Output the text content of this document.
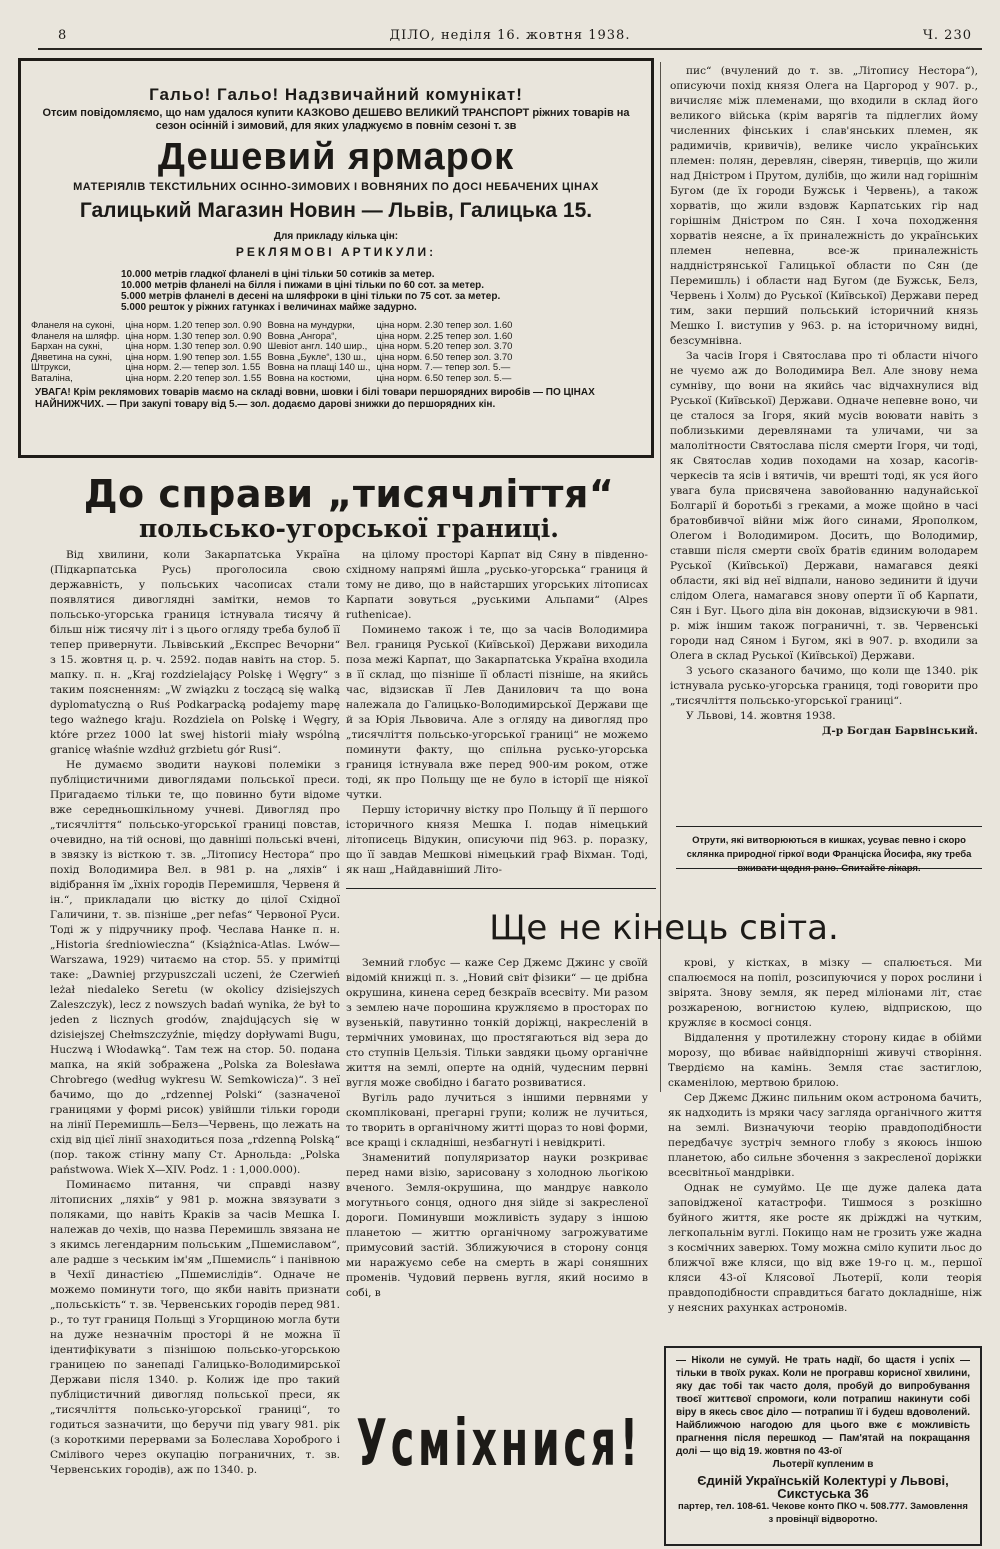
8	ДІЛО, неділя 16. жовтня 1938.	Ч. 230
Гальо! Гальо! Надзвичайний комунікат!
Отсим повідомляємо, що нам удалося купити КАЗКОВО ДЕШЕВО ВЕЛИКИЙ ТРАНСПОРТ ріжних товарів на сезон осінній і зимовий, для яких уладжуємо в повнім сезоні т. зв
Дешевий ярмарок
МАТЕРІЯЛІВ ТЕКСТИЛЬНИХ ОСІННО-ЗИМОВИХ І ВОВНЯНИХ ПО ДОСІ НЕБАЧЕНИХ ЦІНАХ
Галицький Магазин Новин — Львів, Галицька 15.
Для прикладу кілька цін:
РЕКЛЯМОВІ АРТИКУЛИ:
10.000 метрів гладкої фланелі в ціні тільки 50 сотиків за метер.
10.000 метрів фланелі на білля і пижами в ціні тільки по 60 сот. за метер.
5.000 метрів фланелі в десені на шляфроки в ціні тільки по 75 сот. за метер.
5.000 решток у ріжних гатунках і величинах майже задурно.
Фланеля на суконі,	ціна норм. 1.20 тепер зол. 0.90	Вовна на мундурки,	ціна норм. 2.30 тепер зол. 1.60
Фланеля на шляфр.	ціна норм. 1.30 тепер зол. 0.90	Вовна „Ангора“,	ціна норм. 2.25 тепер зол. 1.60
Бархан на сукні,	ціна норм. 1.30 тепер зол. 0.90	Шевіот англ. 140 шир.,	ціна норм. 5.20 тепер зол. 3.70
Дяветина на сукні,	ціна норм. 1.90 тепер зол. 1.55	Вовна „Букле“, 130 ш.,	ціна норм. 6.50 тепер зол. 3.70
Штрукси,	ціна норм. 2.— тепер зол. 1.55	Вовна на плащі 140 ш.,	ціна норм. 7.— тепер зол. 5.—
Ваталіна,	ціна норм. 2.20 тепер зол. 1.55	Вовна на костюми,	ціна норм. 6.50 тепер зол. 5.—
УВАГА! Крім реклямових товарів маємо на складі вовни, шовки і білі товари першорядних виробів — ПО ЦІНАХ НАЙНИЖЧИХ. — При закупі товару від 5.— зол. додаємо дарові знижки до першорядних кін.
До справи „тисячліття“
польсько-угорської границі.

Від хвилини, коли Закарпатська Україна (Підкарпатська Русь) проголосила свою державність, у польських часописах стали появлятися дивоглядні замітки, немов то польсько-угорська границя істнувала тисячу й більш ніж тисячу літ і з цього огляду треба булоб її тепер привернути. Львівський „Експрес Вечорни“ з 15. жовтня ц. р. ч. 2592. подав навіть на стор. 5. мапку. п. н. „Kraj rozdzielający Polskę i Węgry“ з таким поясненням: „W związku z toczącą się walką dyplomatyczną o Ruś Podkarpacką podajemy mapę tego ważnego kraju. Rozdziela on Polskę i Węgry, które przez 1000 lat swej historii miały wspólną granicę właśnie wzdłuż grzbietu gór Rusi“.

Не думаємо зводити наукові полеміки з публіцистичними дивоглядами польської преси. Пригадаємо тільки те, що повинно бути відоме вже середньошкільному учневі. Дивогляд про „тисячліття“ польсько-угорської границі повстав, очевидно, на тій основі, що давніші польські вчені, в звязку із вісткою т. зв. „Літопису Нестора“ про похід Володимира Вел. в 981 р. на „ляхів“ і відібрання їм „їхніх городів Перемишля, Червеня й ін.“, прикладали цю вістку до цілої Східної Галичини, т. зв. пізніше „per nefas“ Червоної Руси. Тоді ж у підручнику проф. Чеслава Нанке п. н. „Historia średniowieczna“ (Książnica-Atlas. Lwów—Warszawa, 1929) читаємо на стор. 55. у примітці таке: „Dawniej przypuszczali uczeni, że Czerwień leżał niedaleko Seretu (w okolicy dzisiejszych Zaleszczyk), lecz z nowszych badań wynika, że był to jeden z licznych grodów, znajdujących się w dzisiejszej Chełmszczyźnie, między dopływami Bugu, Huczwą i Włodawką“. Там теж на стор. 50. подана мапка, на якій зображена „Polska za Bolesława Chrobrego (według wykresu W. Semkowicza)“. З неї бачимо, що до „rdzennej Polski“ (зазначеної границями у формі рисок) увійшли тільки городи на лінії Перемишль—Белз—Червень, що лежать на схід від цієї лінії знаходиться поза „rdzenną Polską“ (пор. також стінну мапу Ст. Арнольда: „Polska państwowa. Wiek X—XIV. Podz. 1 : 1,000.000).

Поминаємо питання, чи справді назву літописних „ляхів“ у 981 р. можна звязувати з поляками, що навіть Краків за часів Мешка І. належав до чехів, що назва Перемишль звязана не з якимсь легендарним польським „Пшемиславом“, але радше з чеським ім'ям „Пшемисль“ і панівною в Чехії династією „Пшемислідів“. Одначе не можемо поминути того, що якби навіть признати „польськість“ т. зв. Червенських городів перед 981. р., то тут границя Польщі з Угорщиною могла бути на дуже незначнім просторі й не можна її ідентифікувати з пізнішою польсько-угорською границею по занепаді Галицько-Володимирської Держави після 1340. р. Колиж іде про такий публіцистичний дивогляд польської преси, як „тисячліття польсько-угорської границі“, то годиться зазначити, що беручи під увагу 981. рік (з короткими перервами за Болеслава Хороброго і Смілівого через окупацію пограничних, т. зв. Червенських городів), аж по 1340. р.

на цілому просторі Карпат від Сяну в південно-східному напрямі йшла „русько-угорська“ границя й тому не диво, що в найстарших угорських літописах Карпати зовуться „руськими Альпами“ (Alpes ruthenicae).

Поминемо також і те, що за часів Володимира Вел. границя Руської (Київської) Держави виходила поза межі Карпат, що Закарпатська Україна входила в її склад, що пізніше її області пізніше, на якийсь час, відзискав її Лев Данилович та що вона належала до Галицько-Володимирської Держави ще й за Юрія Львовича. Але з огляду на дивогляд про „тисячліття польсько-угорської границі“ не можемо поминути факту, що спільна русько-угорська границя істнувала вже перед 900-им роком, отже тоді, як про Польщу ще не було в історії ще ніякої чутки.

Першу історичну вістку про Польщу й її першого історичного князя Мешка І. подав німецький літописець Відукин, описуючи під 963. р. поразку, що її завдав Мешкові німецький граф Віхман. Тоді, як наш „Найдавніший Літо-

пис“ (вчулений до т. зв. „Літопису Нестора“), описуючи похід князя Олега на Царгород у 907. р., вичисляє між племенами, що входили в склад його великого війська (крім варягів та підлеглих йому численних фінських і слав'янських племен, як радимичів, кривичів), велике число українських племен: полян, деревлян, сіверян, тиверців, що жили над Дністром і Прутом, дулібів, що жили над горішнім Бугом (де їх городи Бужськ і Червень), а також хорватів, що жили вздовж Карпатських гір над горішнім Дністром по Сян. І хоча походження хорватів неясне, а їх приналежність до українських племен непевна, все-ж приналежність наддністрянської Галицької области по Сян (де Перемишль) і области над Бугом (де Бужськ, Белз, Червень і Холм) до Руської (Київської) Держави перед тим, заки перший польський історичний князь Мешко І. виступив у 963. р. на історичному видні, безсумнівна.

За часів Ігоря і Святослава про ті области нічого не чуємо аж до Володимира Вел. Але знову нема сумніву, що вони на якийсь час відчахнулися від Руської (Київської) Держави. Одначе непевне воно, чи це сталося за Ігоря, який мусів воювати навіть з поблизькими деревлянами та уличами, чи за малолітности Святослава після смерти Ігоря, чи тоді, як Святослав ходив походами на хозар, касогів-черкесів та ясів і вятичів, чи врешті тоді, як уся його увага була присвячена завойованню надунайської Болгарії й боротьбі з греками, а може щойно в часі братовбивчої війни між його синами, Ярополком, Олегом і Володимиром. Досить, що Володимир, ставши після смерти своїх братів єдиним володарем Руської (Київської) Держави, намагався деякі области, які від неї відпали, наново зединити й ідучи слідом Олега, намагався знову оперти її об Карпати, Сян і Буг. Цього діла він доконав, відзискуючи в 981. р. між іншим також пограничні, т. зв. Червенські городи над Сяном і Бугом, які в 907. р. входили за Олега в склад Руської (Київської) Держави.

З усього сказаного бачимо, що коли ще 1340. рік істнувала русько-угорська границя, тоді говорити про „тисячліття польсько-угорської границі“.

У Львові, 14. жовтня 1938.

Д-р Богдан Барвінський.
Отрути, які витворюються в кишках, усуває певно і скоро склянка природної гіркої води Франціска Йосифа, яку треба
Ще не кінець світа.

Земний глобус — каже Сер Джемс Джинс у своїй відомій книжці п. з. „Новий світ фізики“ — це дрібна окрушина, кинена серед безкраїв всесвіту. Ми разом з землею наче порошина кружляємо в просторах по вузенькій, павутинно тонкій доріжці, накресленій в термічних умовинах, що простягаються від зера до сто ступнів Цельзія. Тільки завдяки цьому органічне життя на землі, оперте на одній, чудесним первні вугля може свобідно і багато розвиватися.

Вугіль радо лучиться з іншими первнями у скомпліковані, прегарні групи; колиж не лучиться, то творить в органічному житті щораз то нові форми, все кращі і складніші, незбагнуті і невідкриті.

Знаменитий популяризатор науки розкриває перед нами візію, зарисовану з холодною льогікою вченого. Земля-окрушина, що мандрує навколо могутнього сонця, одного дня зійде зі закресленої дороги. Поминувши можливість зудару з іншою планетою — життю органічному загрожуватиме примусовий застій. Зближуючися в сторону сонця ми наражуємо себе на смерть в жарі соняшних променів. Чудовий первень вугля, який носимо в собі, в

крові, у кістках, в мізку — спалюється. Ми спалюємося на попіл, розсипуючися у порох рослини і звірята. Знову земля, як перед міліонами літ, стає розжареною, вогнистою кулею, відприскою, що кружляє в космосі сонця.

Віддалення у протилежну сторону кидає в обійми морозу, що вбиває найвідпорніші живучі створіння. Твердіємо на камінь. Земля стає застиглою, скаменілою, мертвою брилою.

Сер Джемс Джинс пильним оком астронома бачить, як надходить із мряки часу загляда органічного життя на землі. Визначуючи теорію правдоподібности передбачує зустріч земного глобу з якоюсь іншою планетою, або сильне збочення з закресленої доріжки всесвітньої мандрівки.

Однак не сумуймо. Це ще дуже далека дата заповідженої катастрофи. Тишмося з розкішно буйного життя, яке росте як дріжджі на чутким, легкопальнім вуглі. Покищо нам не грозить уже жадна з космічних заверюх. Тому можна сміло купити льос до ближчої вже кляси, що від вже 19-го ц. м., першої кляси 43-ої Клясової Льотерії, коли теорія правдоподібности справдиться багато докладніше, ніж у неясних рахунках астрономів.

Усміхнися!
— Ніколи не сумуй. Не трать надії, бо щастя і успіх — тільки в твоїх руках. Коли не програвш корисної хвилини, яку дає тобі так часто доля, пробуй до випробування твоєї життєвої спромоги, коли потрапиш накинути собі віру в якесь своє діло — потрапиш її і будеш вдоволений. Найближчою нагодою для цього вже є можливість прагнення після перешкод — Пам'ятай на покращання долі — що від 19. жовтня по 43-ої
Льотерії купленим в
Єдиній Українській Колектурі у Львові, Сикстуська 36
партер, тел. 108-61. Чекове конто ПКО ч. 508.777. Замовлення з провінції відворотно.
